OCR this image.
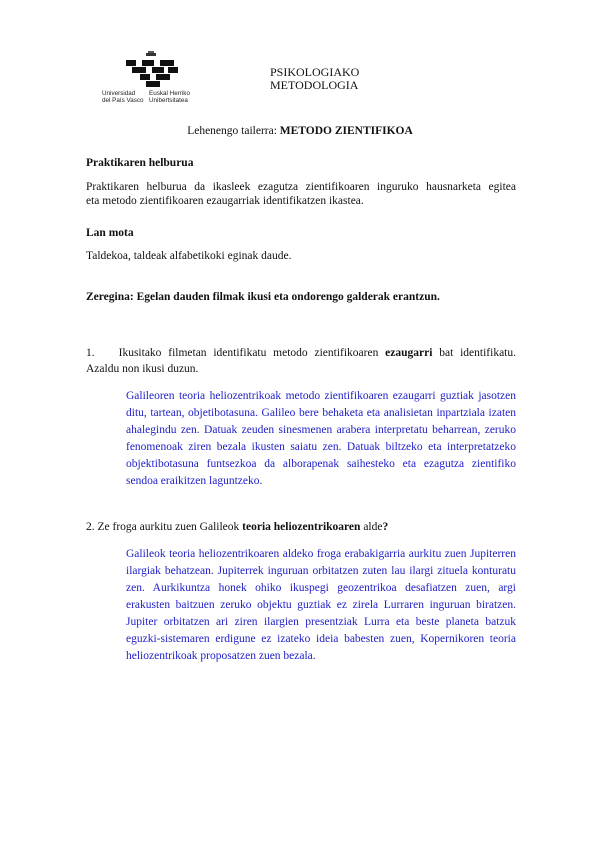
Universidad
del País Vasco
Euskal Herriko
Unibertsitatea
PSIKOLOGIAKO
METODOLOGIA
Lehenengo tailerra: METODO ZIENTIFIKOA
Praktikaren helburua
Praktikaren helburua da ikasleek ezagutza zientifikoaren inguruko hausnarketa egitea
eta metodo zientifikoaren ezaugarriak identifikatzen ikastea.
Lan mota
Taldekoa, taldeak alfabetikoki eginak daude.
Zeregina: Egelan dauden filmak ikusi eta ondorengo galderak erantzun.
1. Ikusitako filmetan identifikatu metodo zientifikoaren ezaugarri bat identifikatu. Azaldu non ikusi duzun.
Galileoren teoria heliozentrikoak metodo zientifikoaren ezaugarri guztiak jasotzen ditu, tartean, objetibotasuna. Galileo bere behaketa eta analisietan inpartziala izaten ahalegindu zen. Datuak zeuden sinesmenen arabera interpretatu beharrean, zeruko fenomenoak ziren bezala ikusten saiatu zen. Datuak biltzeko eta interpretatzeko objektibotasuna funtsezkoa da alborapenak saihesteko eta ezagutza zientifiko sendoa eraikitzen laguntzeko.
2. Ze froga aurkitu zuen Galileok teoria heliozentrikoaren alde?
Galileok teoria heliozentrikoaren aldeko froga erabakigarria aurkitu zuen Jupiterren ilargiak behatzean. Jupiterrek inguruan orbitatzen zuten lau ilargi zituela konturatu zen. Aurkikuntza honek ohiko ikuspegi geozentrikoa desafiatzen zuen, argi erakusten baitzuen zeruko objektu guztiak ez zirela Lurraren inguruan biratzen. Jupiter orbitatzen ari ziren ilargien presentziak Lurra eta beste planeta batzuk eguzki-sistemaren erdigune ez izateko ideia babesten zuen, Kopernikoren teoria heliozentrikoak proposatzen zuen bezala.
